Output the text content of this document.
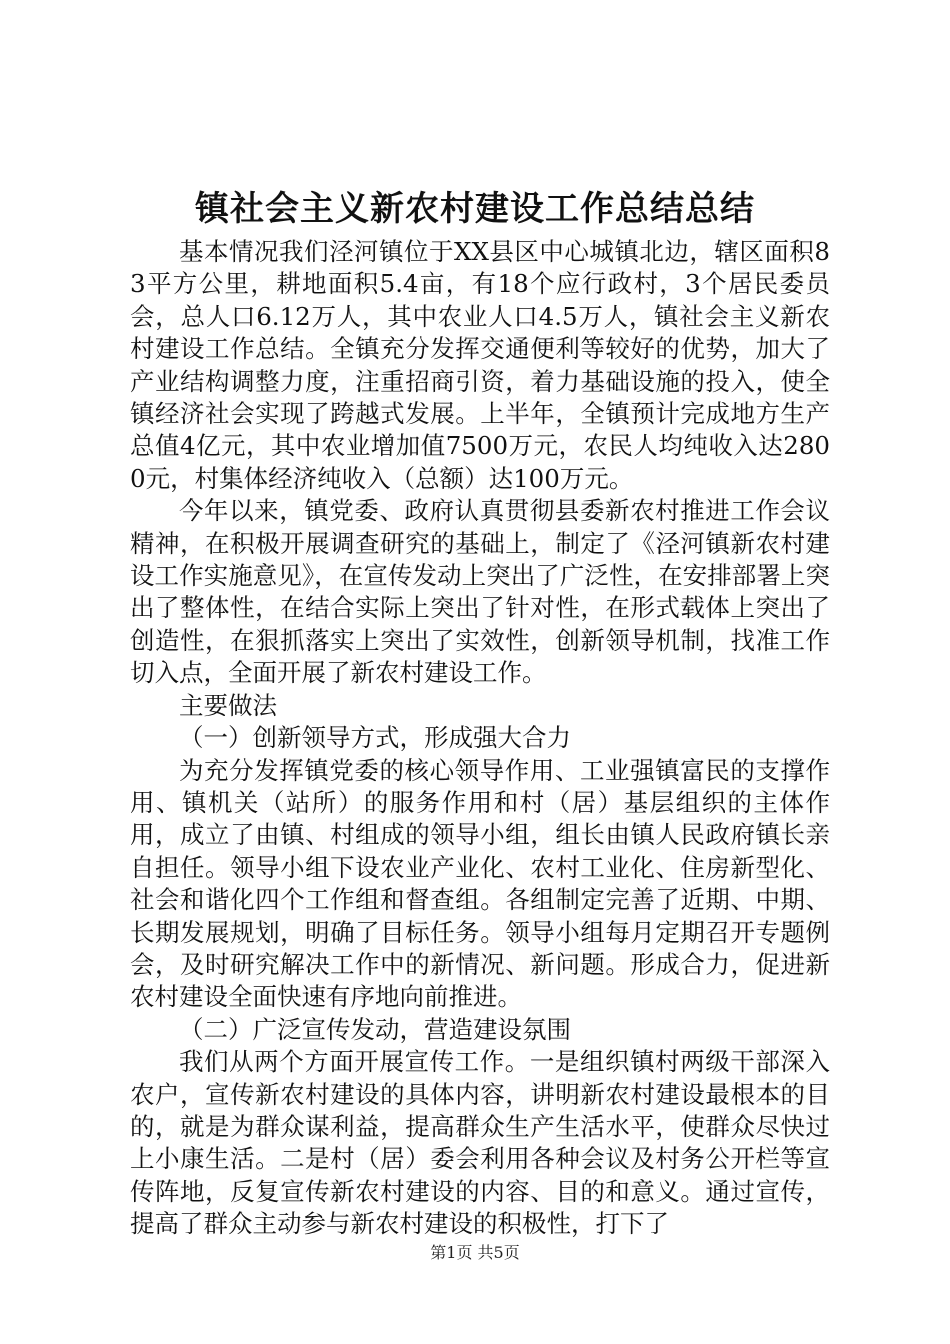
镇社会主义新农村建设工作总结总结

基本情况我们泾河镇位于XX县区中心城镇北边，辖区面积83平方公里，耕地面积5.4亩，有18个应行政村，3个居民委员会，总人口6.12万人，其中农业人口4.5万人，镇社会主义新农村建设工作总结。全镇充分发挥交通便利等较好的优势，加大了产业结构调整力度，注重招商引资，着力基础设施的投入，使全镇经济社会实现了跨越式发展。上半年，全镇预计完成地方生产总值4亿元，其中农业增加值7500万元，农民人均纯收入达2800元，村集体经济纯收入（总额）达100万元。

今年以来，镇党委、政府认真贯彻县委新农村推进工作会议精神，在积极开展调查研究的基础上，制定了《泾河镇新农村建设工作实施意见》，在宣传发动上突出了广泛性，在安排部署上突出了整体性，在结合实际上突出了针对性，在形式载体上突出了创造性，在狠抓落实上突出了实效性，创新领导机制，找准工作切入点，全面开展了新农村建设工作。

主要做法

（一）创新领导方式，形成强大合力

为充分发挥镇党委的核心领导作用、工业强镇富民的支撑作用、镇机关（站所）的服务作用和村（居）基层组织的主体作用，成立了由镇、村组成的领导小组，组长由镇人民政府镇长亲自担任。领导小组下设农业产业化、农村工业化、住房新型化、社会和谐化四个工作组和督查组。各组制定完善了近期、中期、长期发展规划，明确了目标任务。领导小组每月定期召开专题例会，及时研究解决工作中的新情况、新问题。形成合力，促进新农村建设全面快速有序地向前推进。

（二）广泛宣传发动，营造建设氛围

我们从两个方面开展宣传工作。一是组织镇村两级干部深入农户，宣传新农村建设的具体内容，讲明新农村建设最根本的目的，就是为群众谋利益，提高群众生产生活水平，使群众尽快过上小康生活。二是村（居）委会利用各种会议及村务公开栏等宣传阵地，反复宣传新农村建设的内容、目的和意义。通过宣传，提高了群众主动参与新农村建设的积极性，打下了

第1页 共5页
